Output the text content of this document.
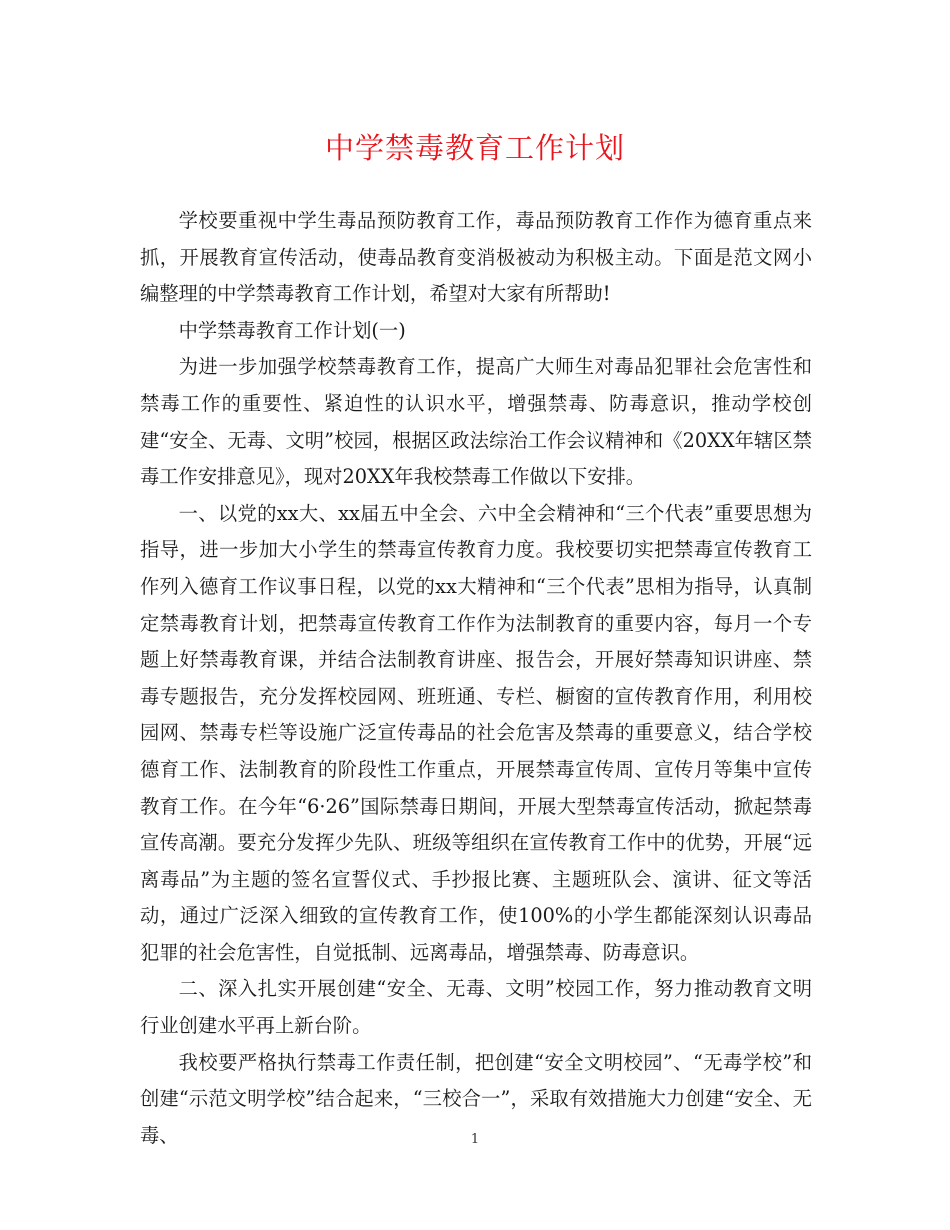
中学禁毒教育工作计划

学校要重视中学生毒品预防教育工作，毒品预防教育工作作为德育重点来抓，开展教育宣传活动，使毒品教育变消极被动为积极主动。下面是范文网小编整理的中学禁毒教育工作计划，希望对大家有所帮助!

中学禁毒教育工作计划(一)

为进一步加强学校禁毒教育工作，提高广大师生对毒品犯罪社会危害性和禁毒工作的重要性、紧迫性的认识水平，增强禁毒、防毒意识，推动学校创建“安全、无毒、文明”校园，根据区政法综治工作会议精神和《20XX年辖区禁毒工作安排意见》，现对20XX年我校禁毒工作做以下安排。

一、以党的xx大、xx届五中全会、六中全会精神和“三个代表”重要思想为指导，进一步加大小学生的禁毒宣传教育力度。我校要切实把禁毒宣传教育工作列入德育工作议事日程，以党的xx大精神和“三个代表”思相为指导，认真制定禁毒教育计划，把禁毒宣传教育工作作为法制教育的重要内容，每月一个专题上好禁毒教育课，并结合法制教育讲座、报告会，开展好禁毒知识讲座、禁毒专题报告，充分发挥校园网、班班通、专栏、橱窗的宣传教育作用，利用校园网、禁毒专栏等设施广泛宣传毒品的社会危害及禁毒的重要意义，结合学校德育工作、法制教育的阶段性工作重点，开展禁毒宣传周、宣传月等集中宣传教育工作。在今年“6·26”国际禁毒日期间，开展大型禁毒宣传活动，掀起禁毒宣传高潮。要充分发挥少先队、班级等组织在宣传教育工作中的优势，开展“远离毒品”为主题的签名宣誓仪式、手抄报比赛、主题班队会、演讲、征文等活动，通过广泛深入细致的宣传教育工作，使100%的小学生都能深刻认识毒品犯罪的社会危害性，自觉抵制、远离毒品，增强禁毒、防毒意识。

二、深入扎实开展创建“安全、无毒、文明”校园工作，努力推动教育文明行业创建水平再上新台阶。

我校要严格执行禁毒工作责任制，把创建“安全文明校园”、“无毒学校”和创建“示范文明学校”结合起来，“三校合一”，采取有效措施大力创建“安全、无毒、	1
